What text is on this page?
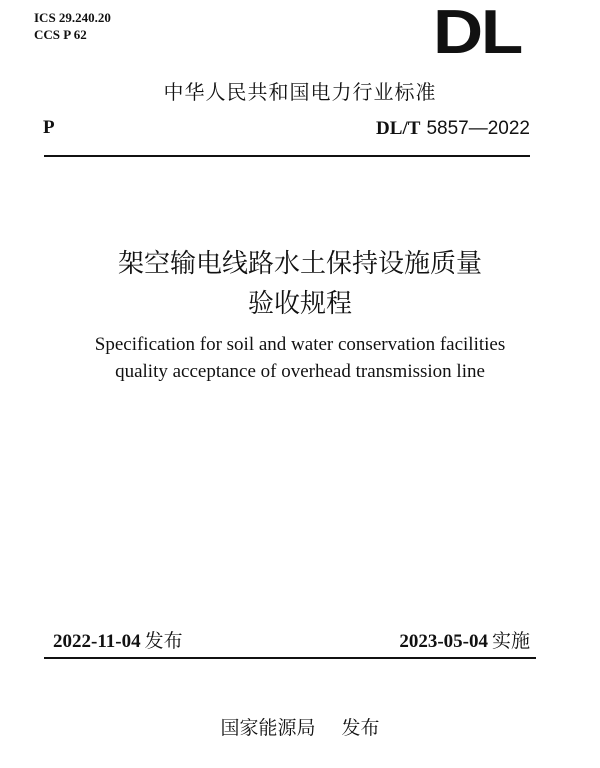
ICS 29.240.20
CCS P 62	DL
中华人民共和国电力行业标准
P	DL/T 5857—2022
架空输电线路水土保持设施质量
验收规程
Specification for soil and water conservation facilities
quality acceptance of overhead transmission line
2022-11-04 发布	2023-05-04 实施
国家能源局 发布
